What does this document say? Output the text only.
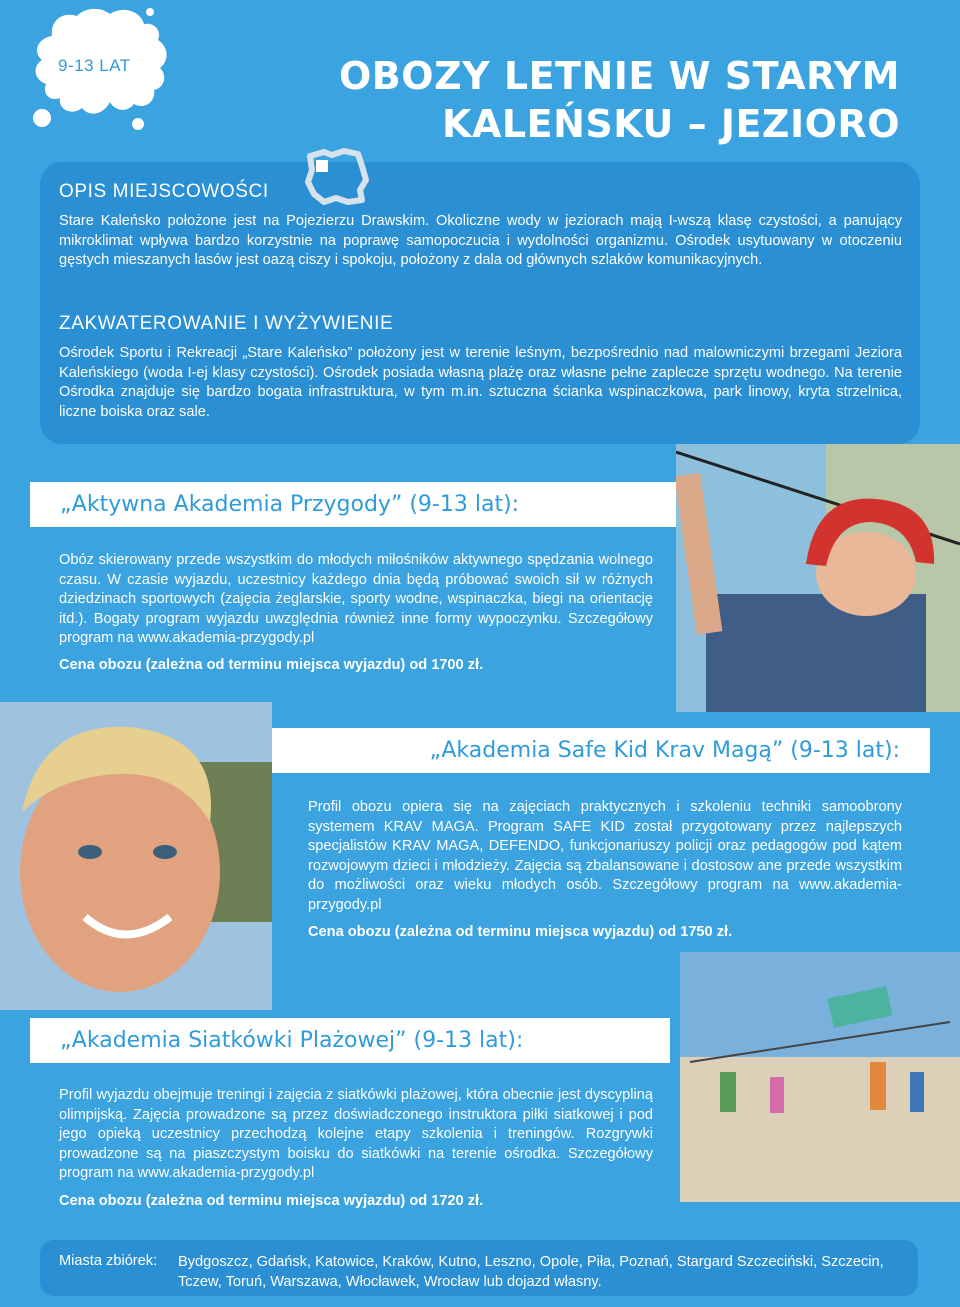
9-13 LAT	OBOZY LETNIE W STARYM
KALEŃSKU – JEZIORO
OPIS MIEJSCOWOŚCI
Stare Kaleńsko położone jest na Pojezierzu Drawskim. Okoliczne wody w jeziorach mają I-wszą klasę czystości, a panujący mikroklimat wpływa bardzo korzystnie na poprawę samopoczucia i wydolności organizmu. Ośrodek usytuowany w otoczeniu gęstych mieszanych lasów jest oazą ciszy i spokoju, położony z dala od głównych szlaków komunikacyjnych.
ZAKWATEROWANIE I WYŻYWIENIE
Ośrodek Sportu i Rekreacji „Stare Kaleńsko” położony jest w terenie leśnym, bezpośrednio nad malowniczymi brzegami Jeziora Kaleńskiego (woda I-ej klasy czystości). Ośrodek posiada własną plażę oraz własne pełne zaplecze sprzętu wodnego. Na terenie Ośrodka znajduje się bardzo bogata infrastruktura, w tym m.in. sztuczna ścianka wspinaczkowa, park linowy, kryta strzelnica, liczne boiska oraz sale.
„Aktywna Akademia Przygody” (9-13 lat):
Obóz skierowany przede wszystkim do młodych miłośników aktywnego spędzania wolnego czasu. W czasie wyjazdu, uczestnicy każdego dnia będą próbować swoich sił w różnych dziedzinach sportowych (zajęcia żeglarskie, sporty wodne, wspinaczka, biegi na orientację itd.). Bogaty program wyjazdu uwzględnia również inne formy wypoczynku. Szczegółowy program na www.akademia-przygody.pl
Cena obozu (zależna od terminu miejsca wyjazdu) od 1700 zł.
„Akademia Safe Kid Krav Magą” (9-13 lat):
Profil obozu opiera się na zajęciach praktycznych i szkoleniu techniki samoobrony systemem KRAV MAGA. Program SAFE KID został przygotowany przez najlepszych specjalistów KRAV MAGA, DEFENDO, funkcjonariuszy policji oraz pedagogów pod kątem rozwojowym dzieci i młodzieży. Zajęcia są zbalansowane i dostosow ane przede wszystkim do możliwości oraz wieku młodych osób. Szczegółowy program na www.akademia-przygody.pl
Cena obozu (zależna od terminu miejsca wyjazdu) od 1750 zł.
„Akademia Siatkówki Plażowej” (9-13 lat):
Profil wyjazdu obejmuje treningi i zajęcia z siatkówki plażowej, która obecnie jest dyscypliną olimpijską. Zajęcia prowadzone są przez doświadczonego instruktora piłki siatkowej i pod jego opieką uczestnicy przechodzą kolejne etapy szkolenia i treningów. Rozgrywki prowadzone są na piaszczystym boisku do siatkówki na terenie ośrodka. Szczegółowy program na www.akademia-przygody.pl
Cena obozu (zależna od terminu miejsca wyjazdu) od 1720 zł.
Miasta zbiórek: Bydgoszcz, Gdańsk, Katowice, Kraków, Kutno, Leszno, Opole, Piła, Poznań, Stargard Szczeciński, Szczecin, Tczew, Toruń, Warszawa, Włocławek, Wrocław lub dojazd własny.
